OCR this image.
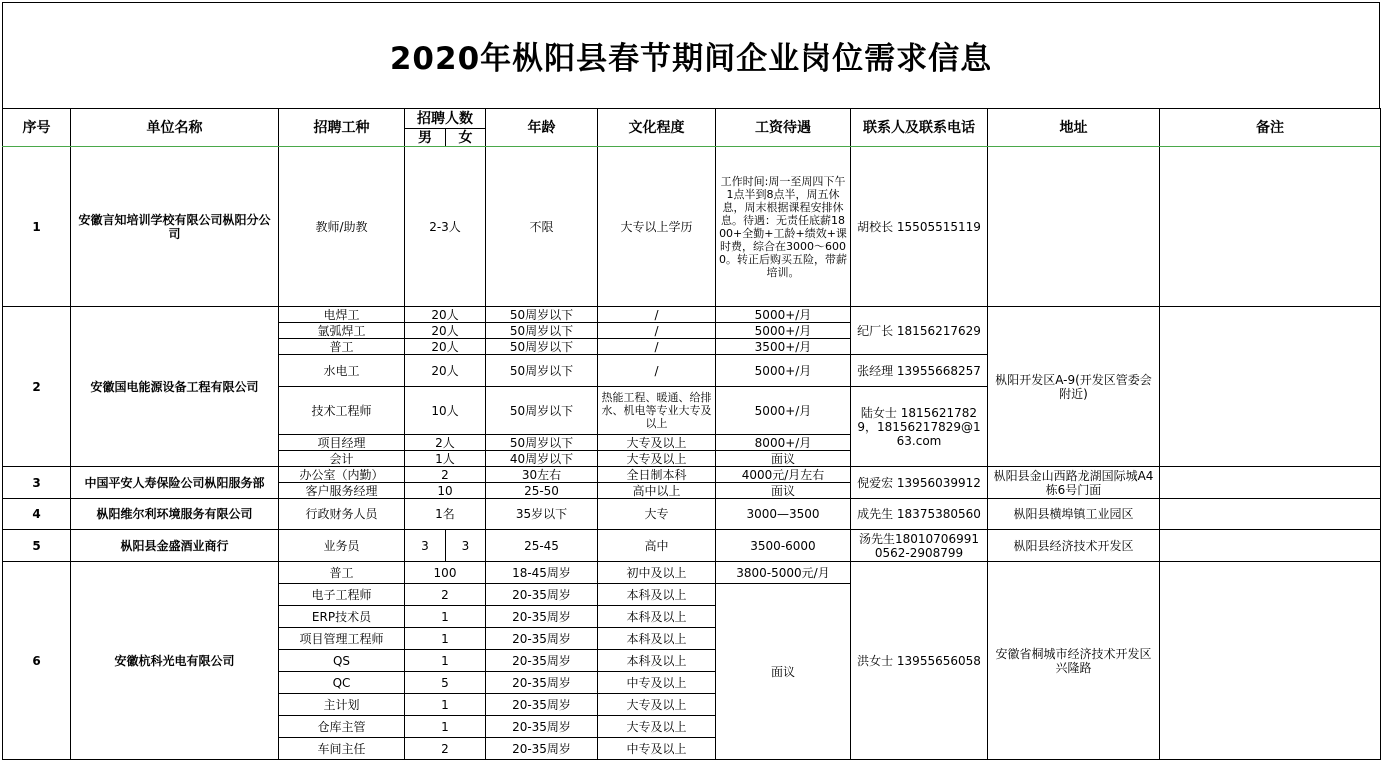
2020年枞阳县春节期间企业岗位需求信息
序号	单位名称	招聘工种	招聘人数		年龄	文化程度	工资待遇	联系人及联系电话	地址	备注
			男	女						
1	安徽言知培训学校有限公司枞阳分公司	教师/助教	2-3人		不限	大专以上学历	工作时间:周一至周四下午1点半到8点半，周五休息，周末根据课程安排休息。待遇：无责任底薪1800+全勤+工龄+绩效+课时费，综合在3000～6000。转正后购买五险，带薪培训。	胡校长 15505515119		
2	安徽国电能源设备工程有限公司	电焊工	20人		50周岁以下	/	5000+/月	纪厂长 18156217629	枞阳开发区A-9(开发区管委会附近)	
		氩弧焊工	20人		50周岁以下	/	5000+/月			
		普工	20人		50周岁以下	/	3500+/月			
		水电工	20人		50周岁以下	/	5000+/月	张经理 13955668257		
		技术工程师	10人		50周岁以下	热能工程、暖通、给排水、机电等专业大专及以上	5000+/月	陆女士 18156217829，18156217829@163.com		
		项目经理	2人		50周岁以下	大专及以上	8000+/月			
		会计	1人		40周岁以下	大专及以上	面议			
3	中国平安人寿保险公司枞阳服务部	办公室（内勤）	2		30左右	全日制本科	4000元/月左右	倪爱宏 13956039912	枞阳县金山西路龙湖国际城A4栋6号门面	
		客户服务经理	10		25-50	高中以上	面议			
4	枞阳维尔利环境服务有限公司	行政财务人员	1名		35岁以下	大专	3000—3500	成先生 18375380560	枞阳县横埠镇工业园区	
5	枞阳县金盛酒业商行	业务员	3	3	25-45	高中	3500-6000	汤先生18010706991 0562-2908799	枞阳县经济技术开发区	
6	安徽杭科光电有限公司	普工	100		18-45周岁	初中及以上	3800-5000元/月	洪女士 13955656058	安徽省桐城市经济技术开发区兴隆路	
		电子工程师	2		20-35周岁	本科及以上	面议			
		ERP技术员	1		20-35周岁	本科及以上				
		项目管理工程师	1		20-35周岁	本科及以上				
		QS	1		20-35周岁	本科及以上				
		QC	5		20-35周岁	中专及以上				
		主计划	1		20-35周岁	大专及以上				
		仓库主管	1		20-35周岁	大专及以上				
		车间主任	2		20-35周岁	中专及以上				
